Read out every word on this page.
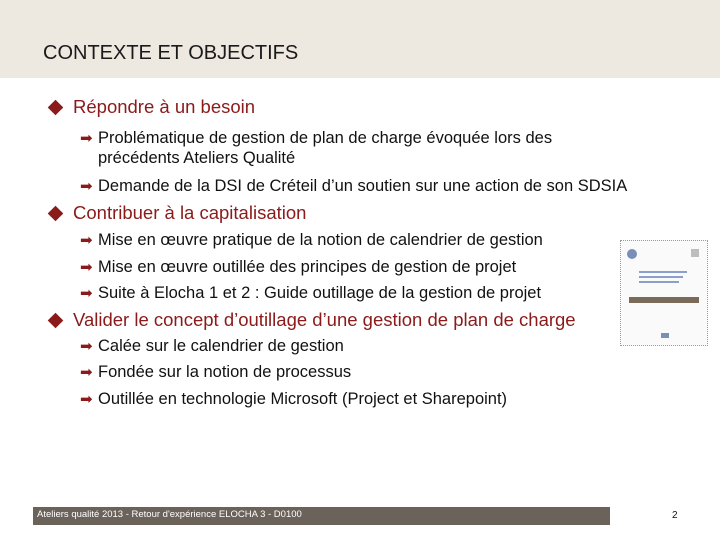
CONTEXTE ET OBJECTIFS
Répondre à un besoin
➡ Problématique de gestion de plan de charge évoquée lors des précédents Ateliers Qualité
➡ Demande de la DSI de Créteil d’un soutien sur une action de son SDSIA
Contribuer à la capitalisation
➡ Mise en œuvre pratique de la notion de calendrier de gestion
➡ Mise en œuvre outillée des principes de gestion de projet
➡ Suite à Elocha 1 et 2 : Guide outillage de la gestion de projet
Valider le concept d’outillage d’une gestion de plan de charge
➡ Calée sur le calendrier de gestion
➡ Fondée sur la notion de processus
➡ Outillée en technologie Microsoft (Project et Sharepoint)
Ateliers qualité 2013 - Retour d'expérience ELOCHA 3 - D0100	2
